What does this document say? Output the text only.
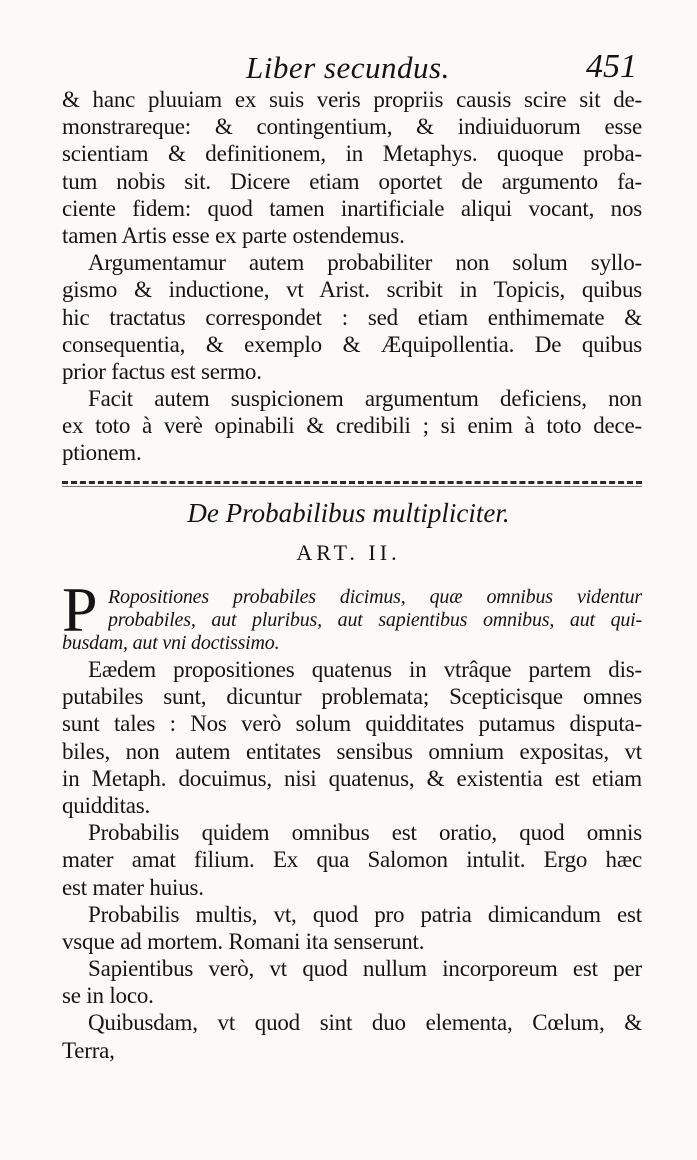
Liber secundus.	451
& hanc pluuiam ex suis veris propriis causis scire sit de-
monstrareque: & contingentium, & indiuiduorum esse
scientiam & definitionem, in Metaphys. quoque proba-
tum nobis sit. Dicere etiam oportet de argumento fa-
ciente fidem: quod tamen inartificiale aliqui vocant, nos
tamen Artis esse ex parte ostendemus.
Argumentamur autem probabiliter non solum syllo-
gismo & inductione, vt Arist. scribit in Topicis, quibus
hic tractatus correspondet : sed etiam enthimemate &
consequentia, & exemplo & Æquipollentia. De quibus
prior factus est sermo.
Facit autem suspicionem argumentum deficiens, non
ex toto à verè opinabili & credibili ; si enim à toto dece-
ptionem.
De Probabilibus multipliciter.
ART. II.
P Ropositiones probabiles dicimus, quæ omnibus videntur
probabiles, aut pluribus, aut sapientibus omnibus, aut qui-
busdam, aut vni doctissimo.
Eædem propositiones quatenus in vtrâque partem dis-
putabiles sunt, dicuntur problemata; Scepticisque omnes
sunt tales : Nos verò solum quidditates putamus disputa-
biles, non autem entitates sensibus omnium expositas, vt
in Metaph. docuimus, nisi quatenus, & existentia est etiam
quidditas.
Probabilis quidem omnibus est oratio, quod omnis
mater amat filium. Ex qua Salomon intulit. Ergo hæc
est mater huius.
Probabilis multis, vt, quod pro patria dimicandum est
vsque ad mortem. Romani ita senserunt.
Sapientibus verò, vt quod nullum incorporeum est per
se in loco.
Quibusdam, vt quod sint duo elementa, Cœlum, &
Terra,
